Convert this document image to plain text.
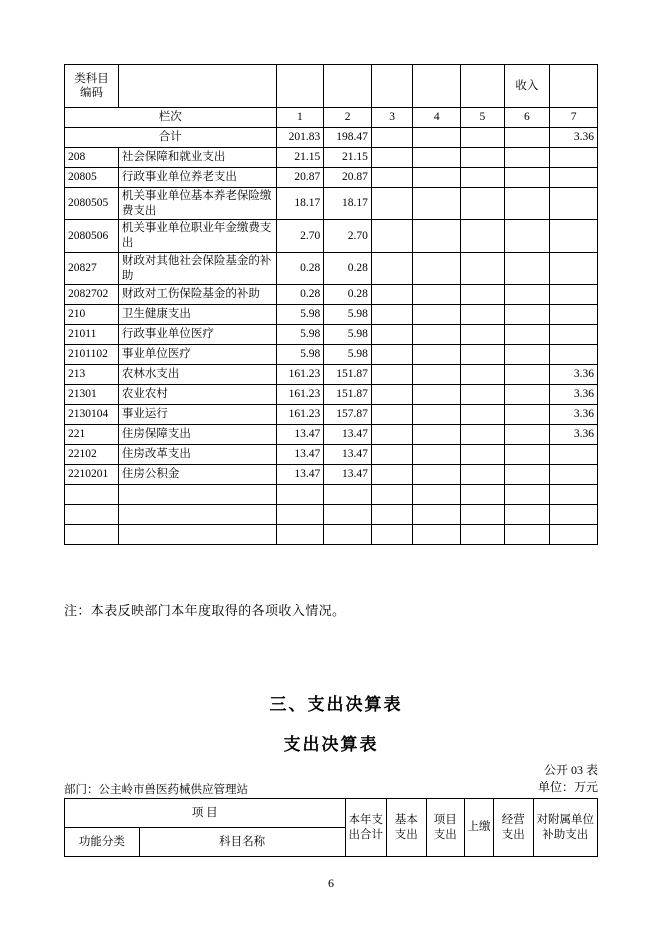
类科目
编码							收入	
栏次		1	2	3	4	5	6	7
合计		201.83	198.47					3.36
208	社会保障和就业支出	21.15	21.15					
20805	行政事业单位养老支出	20.87	20.87					
2080505	机关事业单位基本养老保险缴费支出	18.17	18.17					
2080506	机关事业单位职业年金缴费支出	2.70	2.70					
20827	财政对其他社会保险基金的补助	0.28	0.28					
2082702	财政对工伤保险基金的补助	0.28	0.28					
210	卫生健康支出	5.98	5.98					
21011	行政事业单位医疗	5.98	5.98					
2101102	事业单位医疗	5.98	5.98					
213	农林水支出	161.23	151.87					3.36
21301	农业农村	161.23	151.87					3.36
2130104	事业运行	161.23	157.87					3.36
221	住房保障支出	13.47	13.47					3.36
22102	住房改革支出	13.47	13.47					
2210201	住房公积金	13.47	13.47					

注：本表反映部门本年度取得的各项收入情况。
三、支出决算表
支出决算表
公开 03 表
单位：万元
部门：公主岭市兽医药械供应管理站
项 目		本年支出合计	基本支出	项目支出	上缴	经营支出	对附属单位补助支出
功能分类	科目名称						
6
